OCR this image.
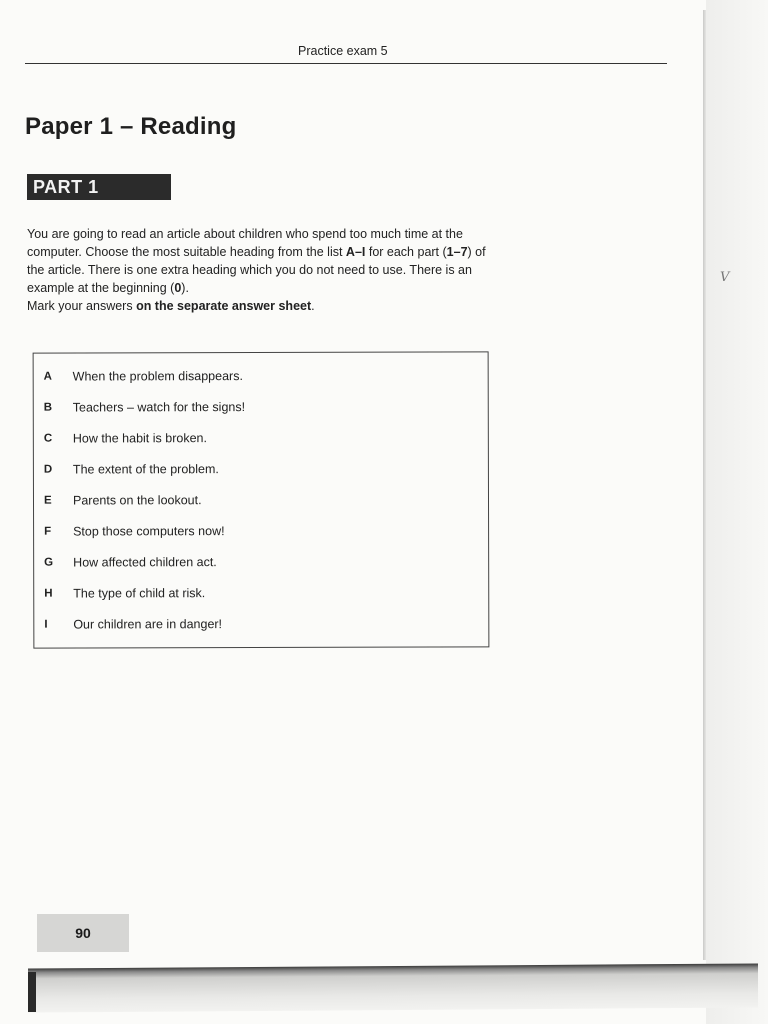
Practice exam 5
Paper 1 – Reading
PART 1

You are going to read an article about children who spend too much time at the computer. Choose the most suitable heading from the list A–I for each part (1–7) of the article. There is one extra heading which you do not need to use. There is an example at the beginning (0).
Mark your answers on the separate answer sheet.

A	When the problem disappears.
B	Teachers – watch for the signs!
C	How the habit is broken.
D	The extent of the problem.
E	Parents on the lookout.
F	Stop those computers now!
G	How affected children act.
H	The type of child at risk.
I	Our children are in danger!
V
90
